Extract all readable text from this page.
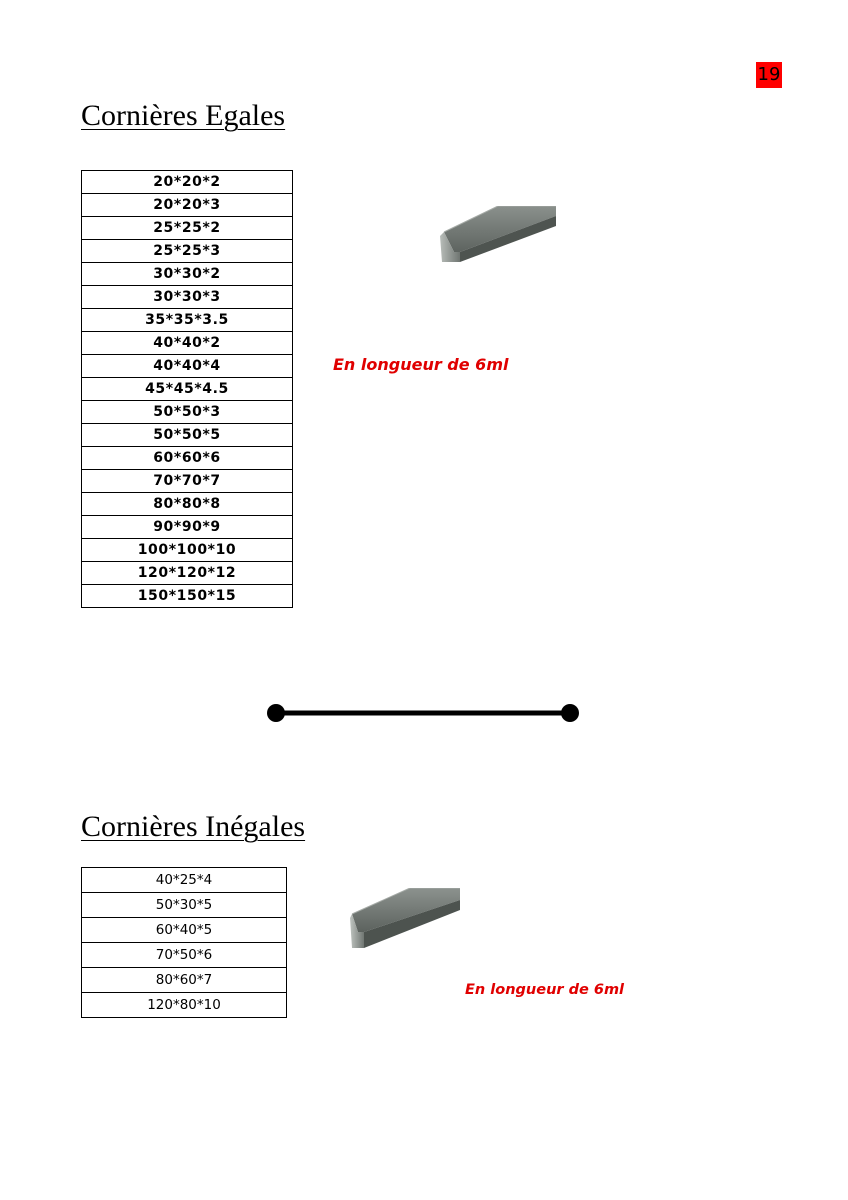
19
Cornières Egales
20*20*2
20*20*3
25*25*2
25*25*3
30*30*2
30*30*3
35*35*3.5
40*40*2
40*40*4
45*45*4.5
50*50*3
50*50*5
60*60*6
70*70*7
80*80*8
90*90*9
100*100*10
120*120*12
150*150*15
En longueur de 6ml
Cornières Inégales
40*25*4
50*30*5
60*40*5
70*50*6
80*60*7
120*80*10
En longueur de 6ml
